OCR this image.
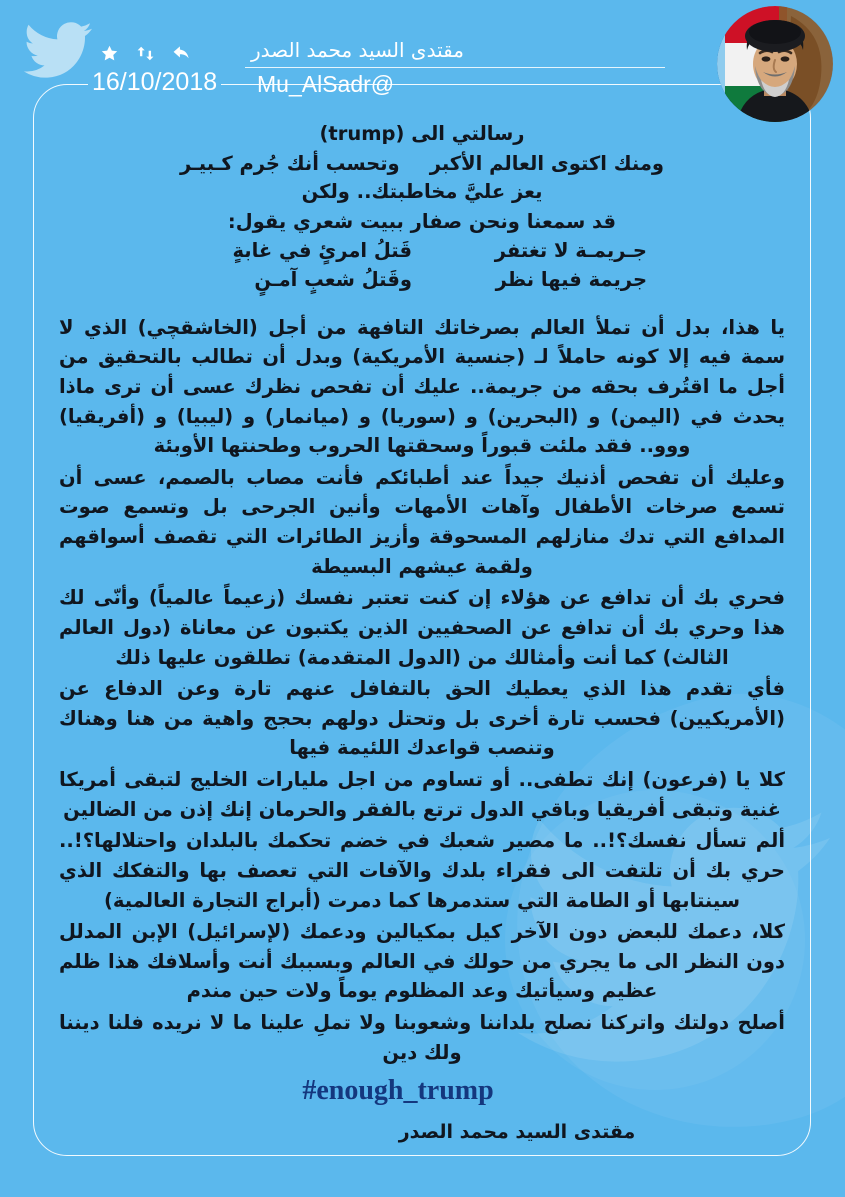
16/10/2018
مقتدى السيد محمد الصدر
Mu_AlSadr@
رسالتي الى (trump)
ومنك اكتوى العالم الأكبر
وتحسب أنك جُرم كـبيـر
يعز عليَّ مخاطبتك.. ولكن
قد سمعنا ونحن صفار ببيت شعري يقول:
جـريمـة لا تغتفر
قَتلُ امرئٍ في غابةٍ
جريمة فيها نظر
وقَتلُ شعبٍ آمـنٍ

يا هذا، بدل أن تملأ العالم بصرخاتك التافهة من أجل (الخاشقچي) الذي لا سمة فيه إلا كونه حاملاً لـ (جنسية الأمريكية) وبدل أن تطالب بالتحقيق من أجل ما اقتُرف بحقه من جريمة.. عليك أن تفحص نظرك عسى أن ترى ماذا يحدث في (اليمن) و (البحرين) و (سوريا) و (ميانمار) و (ليبيا) و (أفريقيا) ووو.. فقد ملئت قبوراً وسحقتها الحروب وطحنتها الأوبئة

وعليك أن تفحص أذنيك جيداً عند أطبائكم فأنت مصاب بالصمم، عسى أن تسمع صرخات الأطفال وآهات الأمهات وأنين الجرحى بل وتسمع صوت المدافع التي تدك منازلهم المسحوقة وأزيز الطائرات التي تقصف أسواقهم ولقمة عيشهم البسيطة

فحري بك أن تدافع عن هؤلاء إن كنت تعتبر نفسك (زعيماً عالمياً) وأنّى لك هذا وحري بك أن تدافع عن الصحفيين الذين يكتبون عن معاناة (دول العالم الثالث) كما أنت وأمثالك من (الدول المتقدمة) تطلقون عليها ذلك

فأي تقدم هذا الذي يعطيك الحق بالتفافل عنهم تارة وعن الدفاع عن (الأمريكيين) فحسب تارة أخرى بل وتحتل دولهم بحجج واهية من هنا وهناك وتنصب قواعدك اللئيمة فيها

كلا يا (فرعون) إنك تطفى.. أو تساوم من اجل مليارات الخليج لتبقى أمريكا غنية وتبقى أفريقيا وباقي الدول ترتع بالفقر والحرمان إنك إذن من الضالين

ألم تسأل نفسك؟!.. ما مصير شعبك في خضم تحكمك بالبلدان واحتلالها؟!.. حري بك أن تلتفت الى فقراء بلدك والآفات التي تعصف بها والتفكك الذي سينتابها أو الطامة التي ستدمرها كما دمرت (أبراج التجارة العالمية)

كلا، دعمك للبعض دون الآخر كيل بمكيالين ودعمك (لإسرائيل) الإبن المدلل دون النظر الى ما يجري من حولك في العالم وبسببك أنت وأسلافك هذا ظلم عظيم وسيأتيك وعد المظلوم يوماً ولات حين مندم

أصلح دولتك واتركنا نصلح بلداننا وشعوبنا ولا تملِ علينا ما لا نريده فلنا ديننا ولك دين

#enough_trump
مقتدى السيد محمد الصدر
